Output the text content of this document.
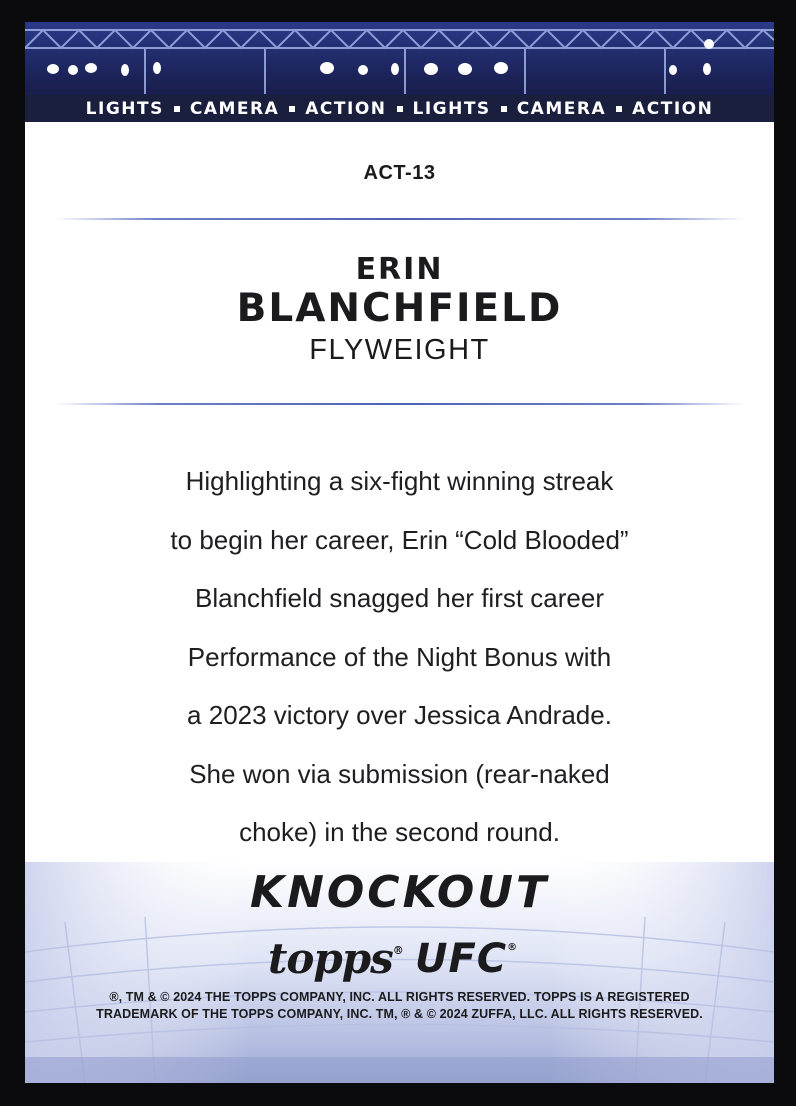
LIGHTS CAMERA ACTION LIGHTS CAMERA ACTION
ACT-13
ERIN
BLANCHFIELD
FLYWEIGHT
Highlighting a six-fight winning streak
to begin her career, Erin “Cold Blooded”
Blanchfield snagged her first career
Performance of the Night Bonus with
a 2023 victory over Jessica Andrade.
She won via submission (rear-naked
choke) in the second round.
KNOCKOUT
topps® UFC®
®, TM & © 2024 THE TOPPS COMPANY, INC. ALL RIGHTS RESERVED. TOPPS IS A REGISTERED
TRADEMARK OF THE TOPPS COMPANY, INC. TM, ® & © 2024 ZUFFA, LLC. ALL RIGHTS RESERVED.
